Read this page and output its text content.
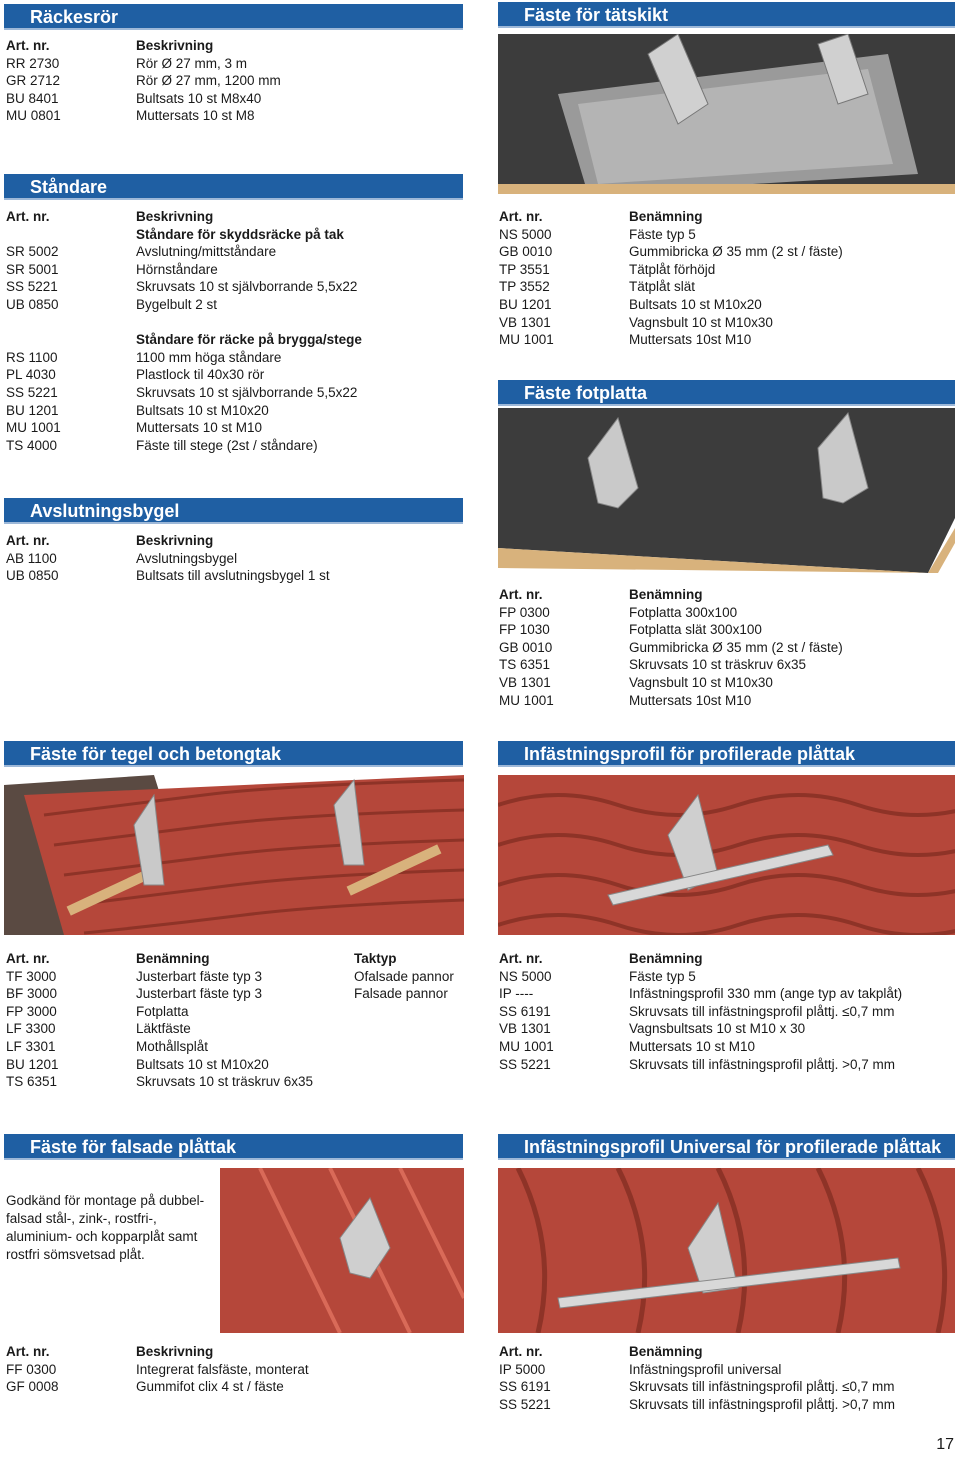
Räckesrör
Art. nr.	Beskrivning
RR 2730	Rör Ø 27 mm, 3 m
GR 2712	Rör Ø 27 mm, 1200 mm
BU 8401	Bultsats 10 st M8x40
MU 0801	Muttersats 10 st M8
Ståndare
Art. nr.	Beskrivning
Ståndare för skyddsräcke på tak
SR 5002	Avslutning/mittståndare
SR 5001	Hörnståndare
SS 5221	Skruvsats 10 st självborrande 5,5x22
UB 0850	Bygelbult 2 st
Ståndare för räcke på brygga/stege
RS 1100	1100 mm höga ståndare
PL 4030	Plastlock til 40x30 rör
SS 5221	Skruvsats 10 st självborrande 5,5x22
BU 1201	Bultsats 10 st M10x20
MU 1001	Muttersats 10 st M10
TS 4000	Fäste till stege (2st / ståndare)
Avslutningsbygel
Art. nr.	Beskrivning
AB 1100	Avslutningsbygel
UB 0850	Bultsats till avslutningsbygel 1 st
Fäste för tegel och betongtak
Art. nr.	Benämning	Taktyp
TF 3000	Justerbart fäste typ 3	Ofalsade pannor
BF 3000	Justerbart fäste typ 3	Falsade pannor
FP 3000	Fotplatta
LF 3300	Läktfäste
LF 3301	Mothållsplåt
BU 1201	Bultsats 10 st M10x20
TS 6351	Skruvsats 10 st träskruv 6x35
Fäste för falsade plåttak
Godkänd för montage på dubbel-
falsad stål-, zink-, rostfri-,
aluminium- och kopparplåt samt
rostfri sömsvetsad plåt.
Art. nr.	Beskrivning
FF 0300	Integrerat falsfäste, monterat
GF 0008	Gummifot clix 4 st / fäste
Fäste för tätskikt
Art. nr.	Benämning
NS 5000	Fäste typ 5
GB 0010	Gummibricka Ø 35 mm (2 st / fäste)
TP 3551	Tätplåt förhöjd
TP 3552	Tätplåt slät
BU 1201	Bultsats 10 st M10x20
VB 1301	Vagnsbult 10 st M10x30
MU 1001	Muttersats 10st M10
Fäste fotplatta
Art. nr.	Benämning
FP 0300	Fotplatta 300x100
FP 1030	Fotplatta slät 300x100
GB 0010	Gummibricka Ø 35 mm (2 st / fäste)
TS 6351	Skruvsats 10 st träskruv 6x35
VB 1301	Vagnsbult 10 st M10x30
MU 1001	Muttersats 10st M10
Infästningsprofil för profilerade plåttak
Art. nr.	Benämning
NS 5000	Fäste typ 5
IP ----	Infästningsprofil 330 mm (ange typ av takplåt)
SS 6191	Skruvsats till infästningsprofil plåttj. ≤0,7 mm
VB 1301	Vagnsbultsats 10 st M10 x 30
MU 1001	Muttersats 10 st M10
SS 5221	Skruvsats till infästningsprofil plåttj. >0,7 mm
Infästningsprofil Universal för profilerade plåttak
Art. nr.	Benämning
IP 5000	Infästningsprofil universal
SS 6191	Skruvsats till infästningsprofil plåttj. ≤0,7 mm
SS 5221	Skruvsats till infästningsprofil plåttj. >0,7 mm
17
